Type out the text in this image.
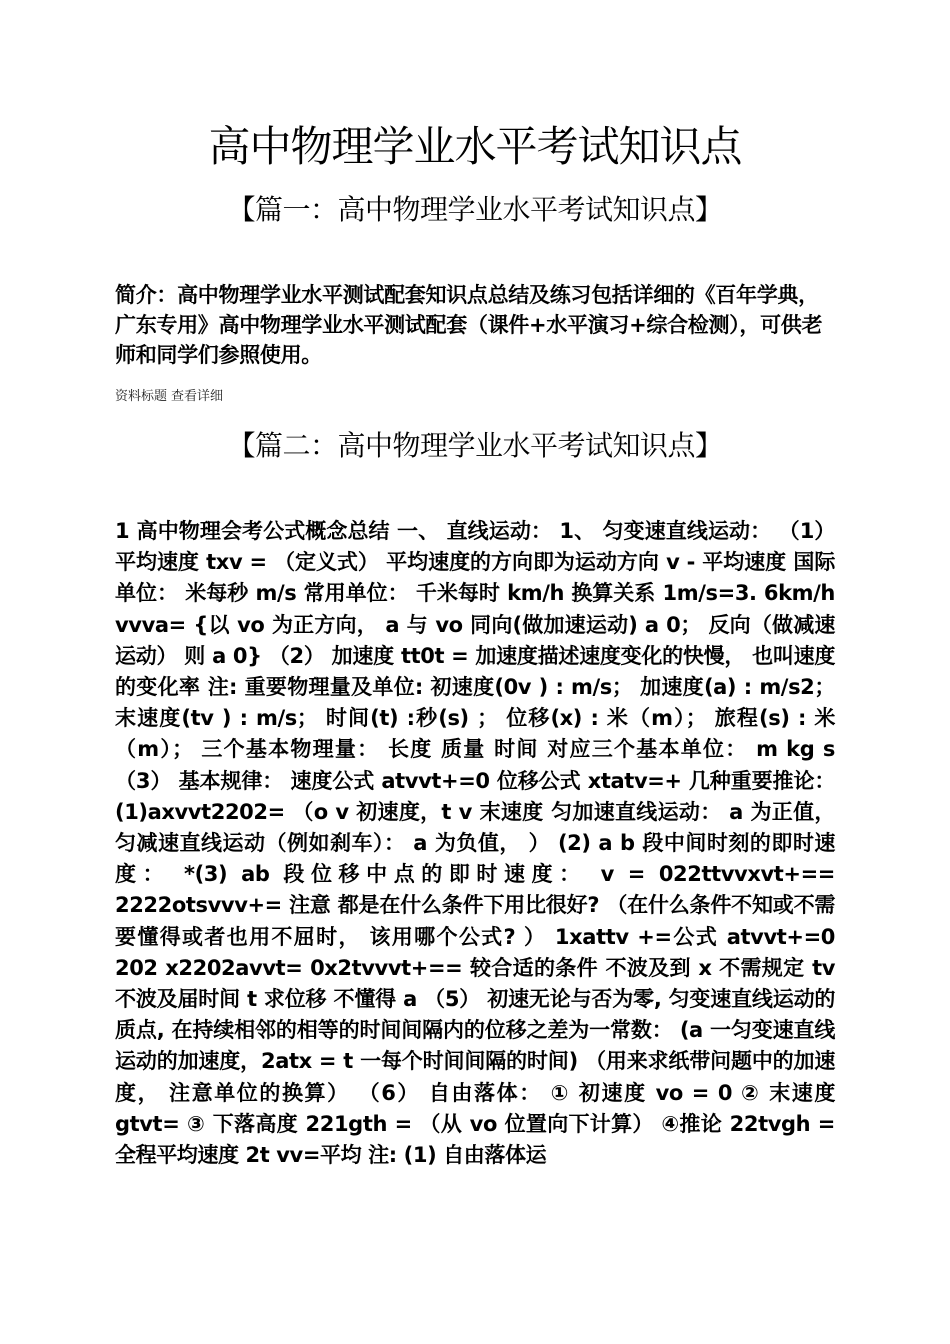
高中物理学业水平考试知识点
【篇一：高中物理学业水平考试知识点】

简介：高中物理学业水平测试配套知识点总结及练习包括详细的《百年学典，广东专用》高中物理学业水平测试配套（课件+水平演习+综合检测），可供老师和同学们参照使用。

资料标题 查看详细

【篇二：高中物理学业水平考试知识点】

1 高中物理会考公式概念总结 一、 直线运动： 1、 匀变速直线运动： （1） 平均速度 txv = （定义式） 平均速度的方向即为运动方向 v - 平均速度 国际单位： 米每秒 m/s 常用单位： 千米每时 km/h 换算关系 1m/s=3. 6km/h vvva= {以 vo 为正方向， a 与 vo 同向(做加速运动) a 0； 反向（做减速运动） 则 a 0} （2） 加速度 tt0t = 加速度描述速度变化的快慢， 也叫速度的变化率 注: 重要物理量及单位: 初速度(0v ) : m/s； 加速度(a) : m/s2； 末速度(tv ) : m/s； 时间(t) :秒(s) ； 位移(x) : 米（m）； 旅程(s) : 米（m）； 三个基本物理量： 长度 质量 时间 对应三个基本单位： m kg s （3） 基本规律： 速度公式 atvvt+=0 位移公式 xtatv=+ 几种重要推论： (1)axvvt2202= （o v 初速度，t v 末速度 匀加速直线运动： a 为正值， 匀减速直线运动（例如刹车）： a 为负值， ） (2) a b 段中间时刻的即时速度： *(3) ab 段位移中点的即时速度： v = 022ttvvxvt+== 2222otsvvv+= 注意 都是在什么条件下用比很好? （在什么条件不知或不需要懂得或者也用不屈时， 该用哪个公式? ） 1xattv +=公式 atvvt+=0 202 x2202avvt= 0x2tvvvt+== 较合适的条件 不波及到 x 不需规定 tv 不波及届时间 t 求位移 不懂得 a （5） 初速无论与否为零, 匀变速直线运动的质点, 在持续相邻的相等的时间间隔内的位移之差为一常数： (a 一匀变速直线运动的加速度，2atx = t 一每个时间间隔的时间) （用来求纸带问题中的加速度， 注意单位的换算） （6） 自由落体： ① 初速度 vo = 0 ② 末速度 gtvt= ③ 下落高度 221gth = （从 vo 位置向下计算） ④推论 22tvgh = 全程平均速度 2t vv=平均 注: (1) 自由落体运
